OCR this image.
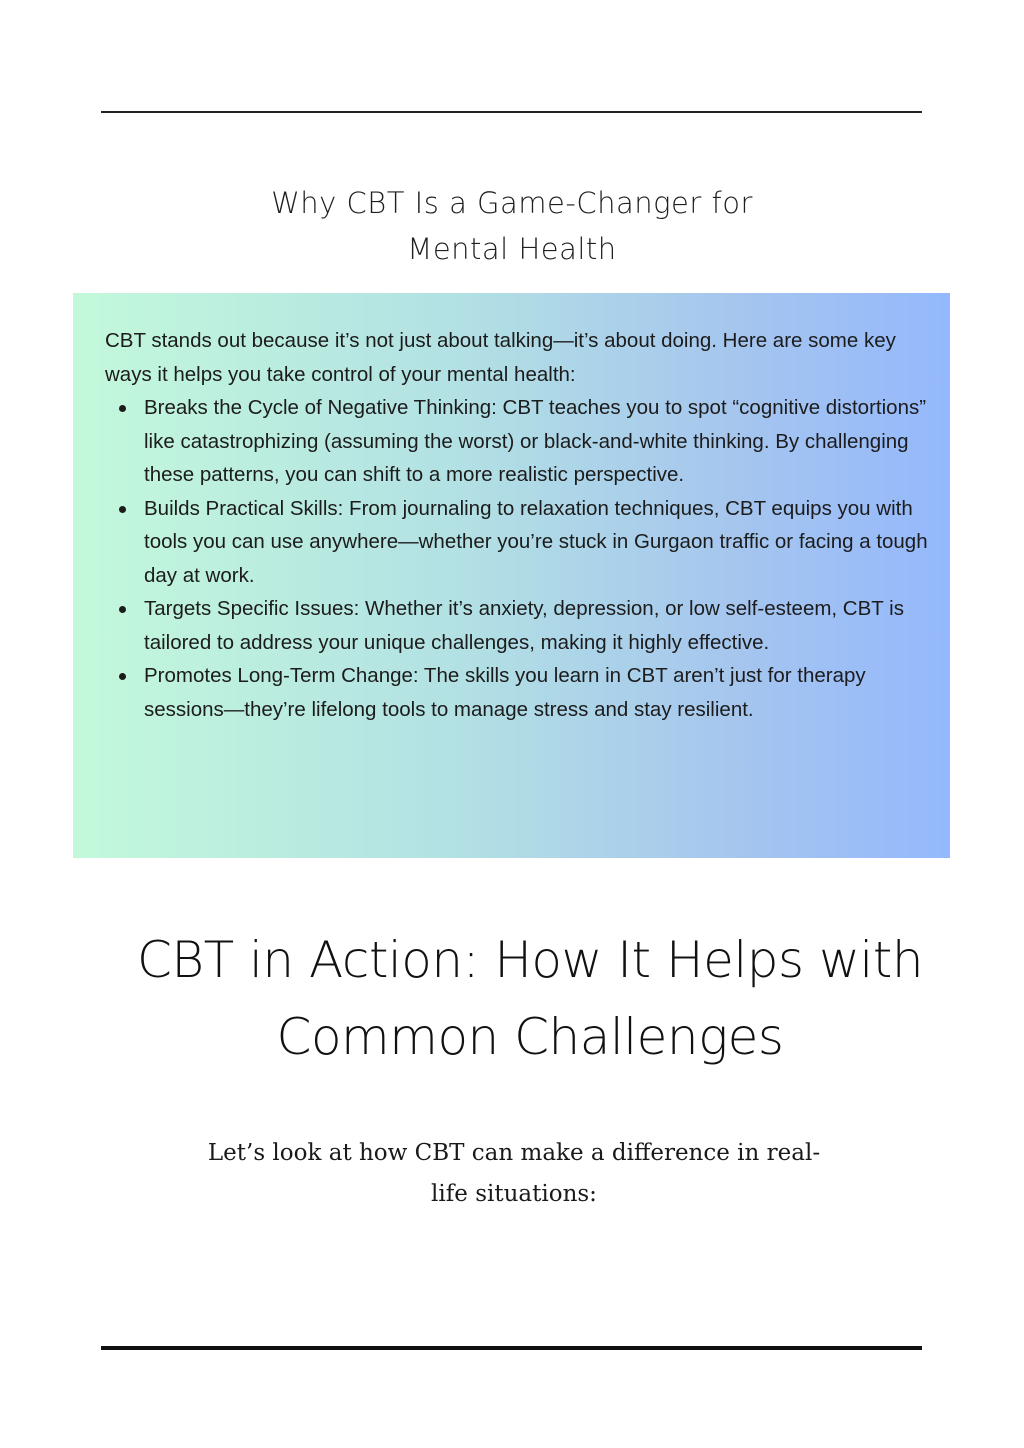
Why CBT Is a Game-Changer for
Mental Health

CBT stands out because it’s not just about talking—it’s about doing. Here are some key ways it helps you take control of your mental health:

Breaks the Cycle of Negative Thinking: CBT teaches you to spot “cognitive distortions” like catastrophizing (assuming the worst) or black-and-white thinking. By challenging these patterns, you can shift to a more realistic perspective.
Builds Practical Skills: From journaling to relaxation techniques, CBT equips you with tools you can use anywhere—whether you’re stuck in Gurgaon traffic or facing a tough day at work.
Targets Specific Issues: Whether it’s anxiety, depression, or low self-esteem, CBT is tailored to address your unique challenges, making it highly effective.
Promotes Long-Term Change: The skills you learn in CBT aren’t just for therapy sessions—they’re lifelong tools to manage stress and stay resilient.
CBT in Action: How It Helps with
Common Challenges

Let’s look at how CBT can make a difference in real-
life situations:
